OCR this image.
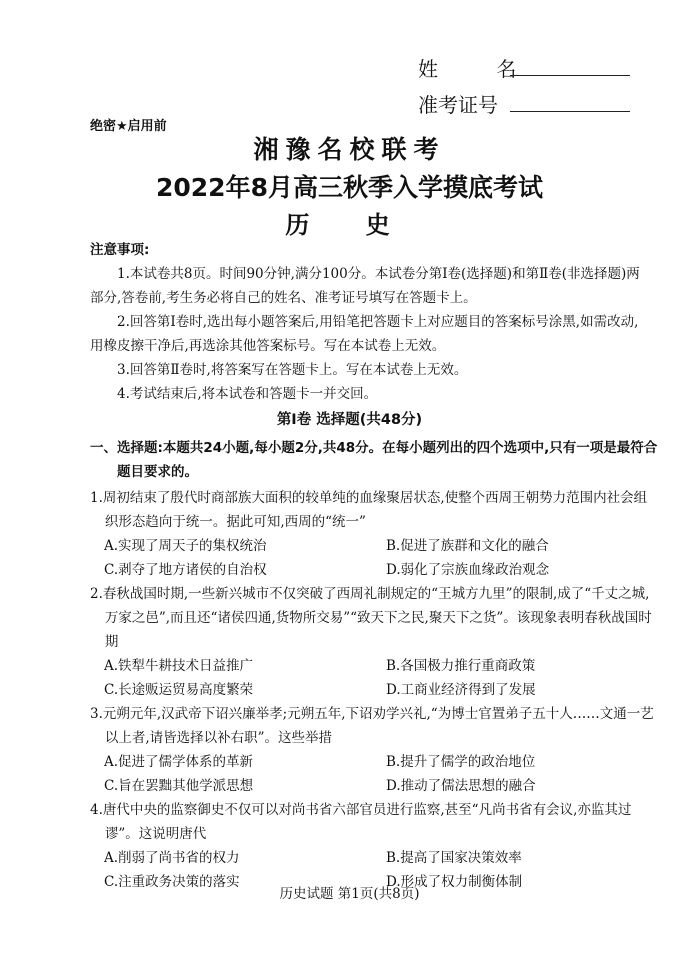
姓 名
准考证号
绝密★启用前
湘豫名校联考
2022年8月高三秋季入学摸底考试
历 史
注意事项:

1.本试卷共8页。时间90分钟,满分100分。本试卷分第Ⅰ卷(选择题)和第Ⅱ卷(非选择题)两部分,答卷前,考生务必将自己的姓名、准考证号填写在答题卡上。

2.回答第Ⅰ卷时,选出每小题答案后,用铅笔把答题卡上对应题目的答案标号涂黑,如需改动,用橡皮擦干净后,再选涂其他答案标号。写在本试卷上无效。

3.回答第Ⅱ卷时,将答案写在答题卡上。写在本试卷上无效。

4.考试结束后,将本试卷和答题卡一并交回。

第Ⅰ卷 选择题(共48分)

一、选择题:本题共24小题,每小题2分,共48分。在每小题列出的四个选项中,只有一项是最符合题目要求的。

1.周初结束了殷代时商部族大面积的较单纯的血缘聚居状态,使整个西周王朝势力范围内社会组织形态趋向于统一。据此可知,西周的“统一”

A.实现了周天子的集权统治	B.促进了族群和文化的融合
C.剥夺了地方诸侯的自治权	D.弱化了宗族血缘政治观念

2.春秋战国时期,一些新兴城市不仅突破了西周礼制规定的“王城方九里”的限制,成了“千丈之城,万家之邑”,而且还“诸侯四通,货物所交易”“致天下之民,聚天下之货”。该现象表明春秋战国时期

A.铁犁牛耕技术日益推广	B.各国极力推行重商政策
C.长途贩运贸易高度繁荣	D.工商业经济得到了发展

3.元朔元年,汉武帝下诏兴廉举孝;元朔五年,下诏劝学兴礼,“为博士官置弟子五十人……文通一艺以上者,请皆选择以补右职”。这些举措

A.促进了儒学体系的革新	B.提升了儒学的政治地位
C.旨在罢黜其他学派思想	D.推动了儒法思想的融合

4.唐代中央的监察御史不仅可以对尚书省六部官员进行监察,甚至“凡尚书省有会议,亦监其过谬”。这说明唐代

A.削弱了尚书省的权力	B.提高了国家决策效率
C.注重政务决策的落实	D.形成了权力制衡体制
历史试题 第1页(共8页)
